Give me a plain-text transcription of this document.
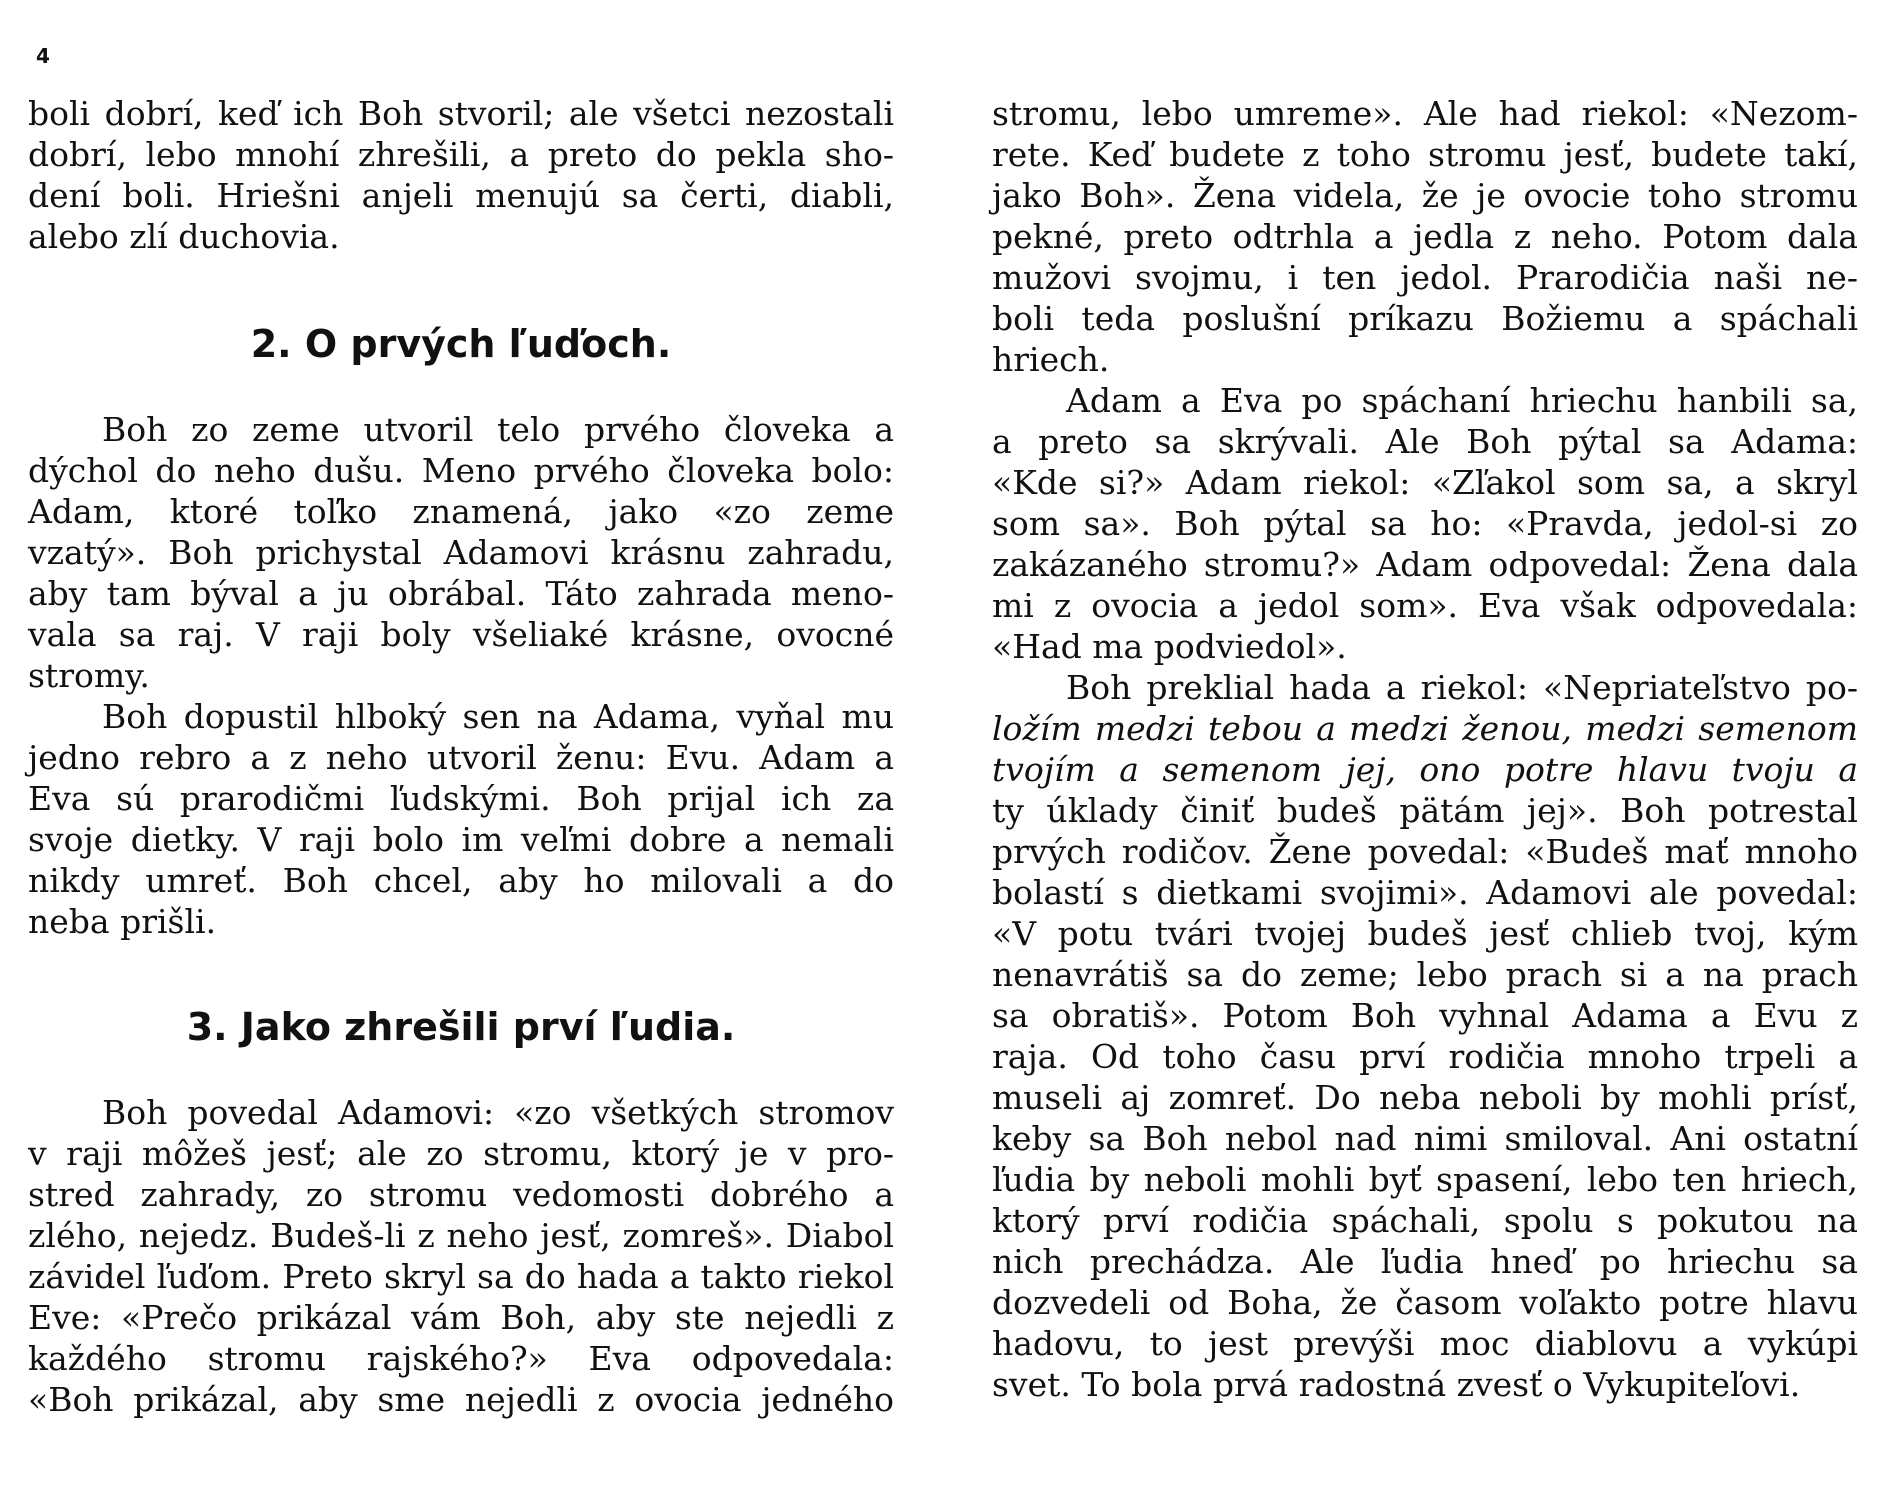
4
boli dobrí, keď ich Boh stvoril; ale všetci nezostali
dobrí, lebo mnohí zhrešili, a preto do pekla sho-
dení boli. Hriešni anjeli menujú sa čerti, diabli,
alebo zlí duchovia.
2. O prvých ľuďoch.
Boh zo zeme utvoril telo prvého človeka a
dýchol do neho dušu. Meno prvého človeka bolo:
Adam, ktoré toľko znamená, jako «zo zeme
vzatý». Boh prichystal Adamovi krásnu zahradu,
aby tam býval a ju obrábal. Táto zahrada meno-
vala sa raj. V raji boly všeliaké krásne, ovocné
stromy.
Boh dopustil hlboký sen na Adama, vyňal mu
jedno rebro a z neho utvoril ženu: Evu. Adam a
Eva sú prarodičmi ľudskými. Boh prijal ich za
svoje dietky. V raji bolo im veľmi dobre a nemali
nikdy umreť. Boh chcel, aby ho milovali a do
neba prišli.
3. Jako zhrešili prví ľudia.
Boh povedal Adamovi: «zo všetkých stromov
v raji môžeš jesť; ale zo stromu, ktorý je v pro-
stred zahrady, zo stromu vedomosti dobrého a
zlého, nejedz. Budeš-li z neho jesť, zomreš». Diabol
závidel ľuďom. Preto skryl sa do hada a takto riekol
Eve: «Prečo prikázal vám Boh, aby ste nejedli z
každého stromu rajského?» Eva odpovedala:
«Boh prikázal, aby sme nejedli z ovocia jedného
stromu, lebo umreme». Ale had riekol: «Nezom-
rete. Keď budete z toho stromu jesť, budete takí,
jako Boh». Žena videla, že je ovocie toho stromu
pekné, preto odtrhla a jedla z neho. Potom dala
mužovi svojmu, i ten jedol. Prarodičia naši ne-
boli teda poslušní príkazu Božiemu a spáchali
hriech.
Adam a Eva po spáchaní hriechu hanbili sa,
a preto sa skrývali. Ale Boh pýtal sa Adama:
«Kde si?» Adam riekol: «Zľakol som sa, a skryl
som sa». Boh pýtal sa ho: «Pravda, jedol-si zo
zakázaného stromu?» Adam odpovedal: Žena dala
mi z ovocia a jedol som». Eva však odpovedala:
«Had ma podviedol».
Boh preklial hada a riekol: «Nepriateľstvo po-
ložím medzi tebou a medzi ženou, medzi semenom
tvojím a semenom jej, ono potre hlavu tvoju a
ty úklady činiť budeš pätám jej». Boh potrestal
prvých rodičov. Žene povedal: «Budeš mať mnoho
bolastí s dietkami svojimi». Adamovi ale povedal:
«V potu tvári tvojej budeš jesť chlieb tvoj, kým
nenavrátiš sa do zeme; lebo prach si a na prach
sa obratiš». Potom Boh vyhnal Adama a Evu z
raja. Od toho času prví rodičia mnoho trpeli a
museli aj zomreť. Do neba neboli by mohli prísť,
keby sa Boh nebol nad nimi smiloval. Ani ostatní
ľudia by neboli mohli byť spasení, lebo ten hriech,
ktorý prví rodičia spáchali, spolu s pokutou na
nich prechádza. Ale ľudia hneď po hriechu sa
dozvedeli od Boha, že časom voľakto potre hlavu
hadovu, to jest prevýši moc diablovu a vykúpi
svet. To bola prvá radostná zvesť o Vykupiteľovi.
